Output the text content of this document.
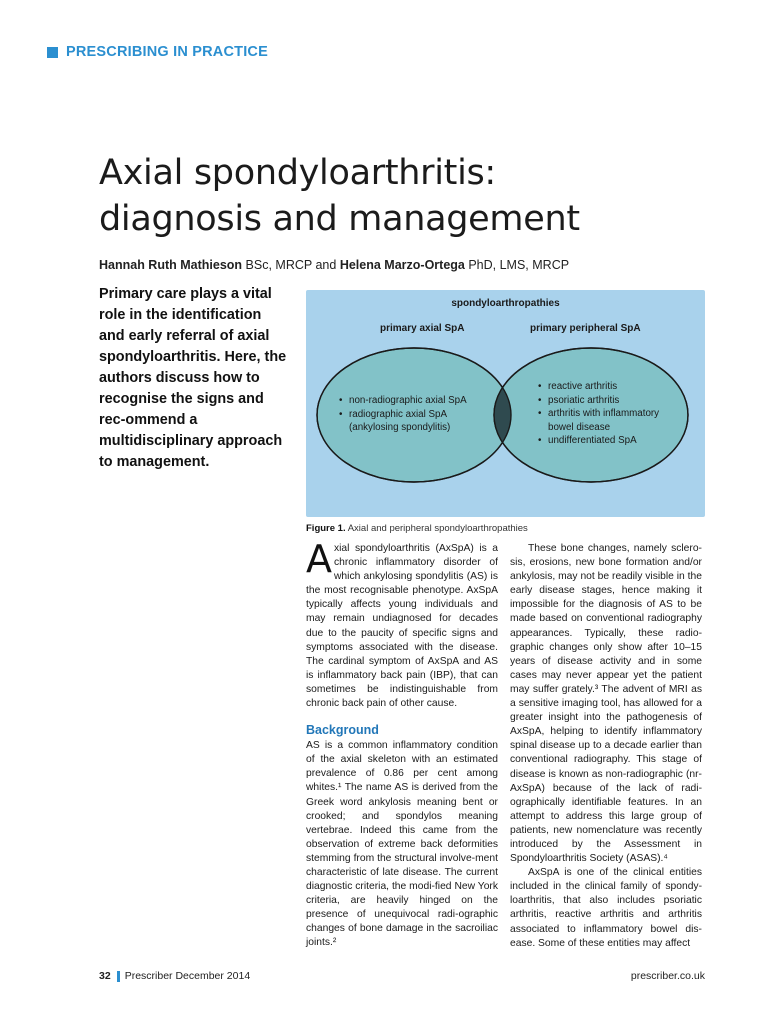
PRESCRIBING IN PRACTICE
Axial spondyloarthritis:
diagnosis and management
Hannah Ruth Mathieson BSc, MRCP and Helena Marzo-Ortega PhD, LMS, MRCP
Primary care plays a vital role in the identification and early referral of axial spondyloarthritis. Here, the authors discuss how to recognise the signs and rec-ommend a multidisciplinary approach to management.
spondyloarthropathies
primary axial SpA	primary peripheral SpA
• non-radiographic axial SpA
• radiographic axial SpA
(ankylosing spondylitis)
• reactive arthritis
• psoriatic arthritis
• arthritis with inflammatory
bowel disease
• undifferentiated SpA
Figure 1. Axial and peripheral spondyloarthropathies

Axial spondyloarthritis (AxSpA) is a chronic inflammatory disorder of which ankylosing spondylitis (AS) is the most recognisable phenotype. AxSpA typically affects young individuals and may remain undiagnosed for decades due to the paucity of specific signs and symptoms associated with the disease. The cardinal symptom of AxSpA and AS is inflammatory back pain (IBP), that can sometimes be indistinguishable from chronic back pain of other cause.

Background

AS is a common inflammatory condition of the axial skeleton with an estimated prevalence of 0.86 per cent among whites.¹ The name AS is derived from the Greek word ankylosis meaning bent or crooked; and spondylos meaning vertebrae. Indeed this came from the observation of extreme back deformities stemming from the structural involve-ment characteristic of late disease. The current diagnostic criteria, the modi-fied New York criteria, are heavily hinged on the presence of unequivocal radi-ographic changes of bone damage in the sacroiliac joints.²

These bone changes, namely sclero-sis, erosions, new bone formation and/or ankylosis, may not be readily visible in the early disease stages, hence making it impossible for the diagnosis of AS to be made based on conventional radiography appearances. Typically, these radio-graphic changes only show after 10–15 years of disease activity and in some cases may never appear yet the patient may suffer grately.³ The advent of MRI as a sensitive imaging tool, has allowed for a greater insight into the pathogenesis of AxSpA, helping to identify inflammatory spinal disease up to a decade earlier than conventional radiography. This stage of disease is known as non-radiographic (nr-AxSpA) because of the lack of radi-ographically identifiable features. In an attempt to address this large group of patients, new nomenclature was recently introduced by the Assessment in Spondyloarthritis Society (ASAS).⁴

AxSpA is one of the clinical entities included in the clinical family of spondy-loarthritis, that also includes psoriatic arthritis, reactive arthritis and arthritis associated to inflammatory bowel dis-ease. Some of these entities may affect

32 Prescriber December 2014	prescriber.co.uk
